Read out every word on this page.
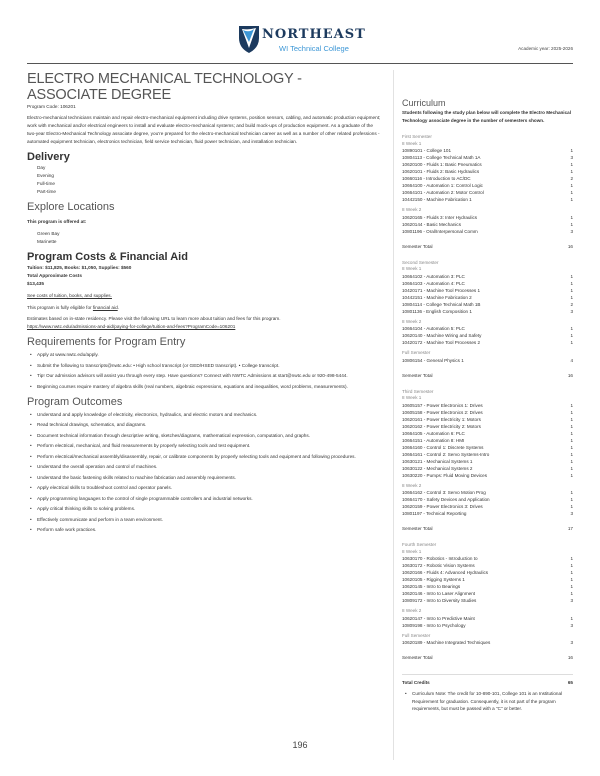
NORTHEAST
WI Technical College	Academic year: 2025-2026
ELECTRO MECHANICAL TECHNOLOGY - ASSOCIATE DEGREE
Program Code: 106201

Electro-mechanical technicians maintain and repair electro-mechanical equipment including drive systems, position sensors, cabling, and automatic production equipment; work with mechanical and/or electrical engineers to install and evaluate electro-mechanical systems; and build mock-ups of production equipment. As a graduate of the two-year Electro-Mechanical Technology associate degree, you're prepared for the electro-mechanical technician career as well as a number of other related professions - automated equipment technician, electronics technician, field service technician, fluid power technician, and installation technician.

Delivery
Day
Evening
Full-time
Part-time
Explore Locations

This program is offered at:

Green Bay
Marinette
Program Costs & Financial Aid
Tuition: $11,825, Books: $1,050, Supplies: $560
Total Approximate Costs
$13,435

See costs of tuition, books, and supplies.

This program is fully eligible for financial aid.

Estimates based on in-state residency. Please visit the following URL to learn more about tuition and fees for this program.

https://www.nwtc.edu/admissions-and-aid/paying-for-college/tuition-and-fees?ProgramCode=106201
Requirements for Program Entry
• Apply at www.nwtc.edu/apply.
• Submit the following to transcripts@nwtc.edu: • High school transcript (or GED/HSED transcript). • College transcript.
• Tip! Our admission advisors will assist you through every step. Have questions? Connect with NWTC Admissions at start@nwtc.edu or 920-498-5444.
• Beginning courses require mastery of algebra skills (real numbers, algebraic expressions, equations and inequalities, word problems, measurements).
Program Outcomes
• Understand and apply knowledge of electricity, electronics, hydraulics, and electric motors and mechanics.
• Read technical drawings, schematics, and diagrams.
• Document technical information through descriptive writing, sketches/diagrams, mathematical expression, computation, and graphs.
• Perform electrical, mechanical, and fluid measurements by properly selecting tools and test equipment.
• Perform electrical/mechanical assembly/disassembly, repair, or calibrate components by properly selecting tools and equipment and following procedures.
• Understand the overall operation and control of machines.
• Understand the basic fastening skills related to machine fabrication and assembly requirements.
• Apply electrical skills to troubleshoot control and operator panels.
• Apply programming languages to the control of single programmable controllers and industrial networks.
• Apply critical thinking skills to solving problems.
• Effectively communicate and perform in a team environment.
• Perform safe work practices.
Curriculum
Students following the study plan below will complete the Electro Mechanical Technology associate degree in the number of semesters shown.
First Semester
8 Week 1
10890101 - College 101	1
10804113 - College Technical Math 1A	3
10620100 - Fluids 1: Basic Pneumatics	1
10620101 - Fluids 2: Basic Hydraulics	1
10660116 - Introduction to AC/DC	2
10664100 - Automation 1: Control Logic	1
10664101 - Automation 2: Motor Control	1
10442150 - Machine Fabrication 1	1
8 Week 2
10620165 - Fluids 3: Inter Hydraulics	1
10620144 - Basic Mechanics	1
10801196 - Oral/Interpersonal Comm	3
Semester Total	16
Second Semester
8 Week 1
10664102 - Automation 3: PLC	1
10664103 - Automation 4: PLC	1
10420171 - Machine Tool Processes 1	1
10442151 - Machine Fabrication 2	1
10804114 - College Technical Math 1B	2
10801136 - English Composition 1	3
8 Week 2
10664104 - Automation 5: PLC	1
10620140 - Machine Wiring and Safety	1
10420172 - Machine Tool Processes 2	1
Full Semester
10806154 - General Physics 1	4
Semester Total	16
Third Semester
8 Week 1
10605157 - Power Electronics 1: Drives	1
10605158 - Power Electronics 2: Drives	1
10620161 - Power Electricity 1: Motors	1
10620162 - Power Electricity 2: Motors	1
10664105 - Automation 6: PLC	1
10664151 - Automation 8: HMI	1
10664160 - Control 1: Discrete Systems	1
10664161 - Control 2: Servo Systems-Intro	1
10630121 - Mechanical Systems 1	1
10630122 - Mechanical Systems 2	1
10630220 - Pumps: Fluid Moving Devices	1
8 Week 2
10664162 - Control 3: Servo Motion Prog	1
10664170 - Safety Devices and Application	1
10620159 - Power Electronics 3: Drives	1
10801197 - Technical Reporting	3
Semester Total	17
Fourth Semester
8 Week 1
10630170 - Robotics - Introduction to	1
10630172 - Robotic Vision Systems	1
10620166 - Fluids 4: Advanced Hydraulics	1
10620105 - Rigging Systems 1	1
10620145 - Intro to Bearings	1
10620146 - Intro to Laser Alignment	1
10809172 - Intro to Diversity Studies	3
8 Week 2
10620147 - Intro to Predictive Maint	1
10809198 - Intro to Psychology	3
Full Semester
10620189 - Machine Integrated Techniques	3
Semester Total	16
Total Credits	65
• Curriculum Note: The credit for 10-890-101, College 101 is an Institutional Requirement for graduation. Consequently, it is not part of the program requirements, but must be passed with a "C" or better.
196
